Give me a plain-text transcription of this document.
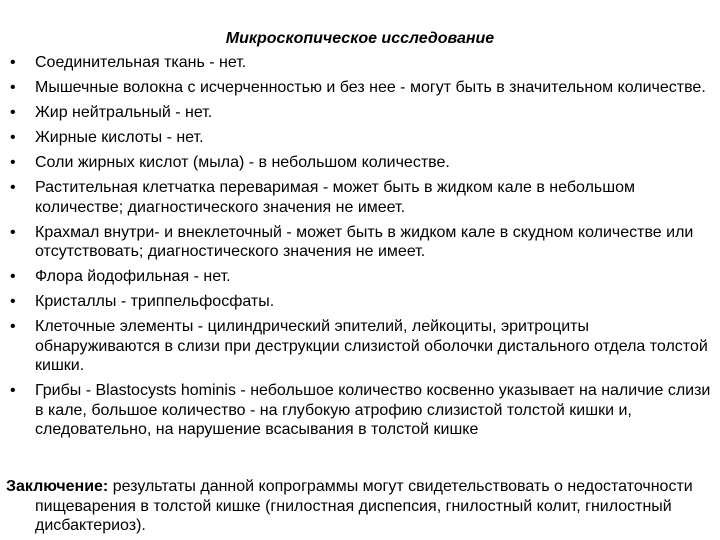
Микроскопическое исследование
• Соединительная ткань - нет.
• Мышечные волокна с исчерченностью и без нее - могут быть в значительном количестве.
• Жир нейтральный - нет.
• Жирные кислоты - нет.
• Соли жирных кислот (мыла) - в небольшом количестве.
• Растительная клетчатка переваримая - может быть в жидком кале в небольшом количестве; диагностического значения не имеет.
• Крахмал внутри- и внеклеточный - может быть в жидком кале в скудном количестве или отсутствовать; диагностического значения не имеет.
• Флора йодофильная - нет.
• Кристаллы - триппельфосфаты.
• Клеточные элементы - цилиндрический эпителий, лейкоциты, эритроциты обнаруживаются в слизи при деструкции слизистой оболочки дистального отдела толстой кишки.
• Грибы - Blastocysts hominis - небольшое количество косвенно указывает на наличие слизи в кале, большое количество - на глубокую атрофию слизистой толстой кишки и, следовательно, на нарушение всасывания в толстой кишке
Заключение: результаты данной копрограммы могут свидетельствовать о недостаточности пищеварения в толстой кишке (гнилостная диспепсия, гнилостный колит, гнилостный дисбактериоз).
